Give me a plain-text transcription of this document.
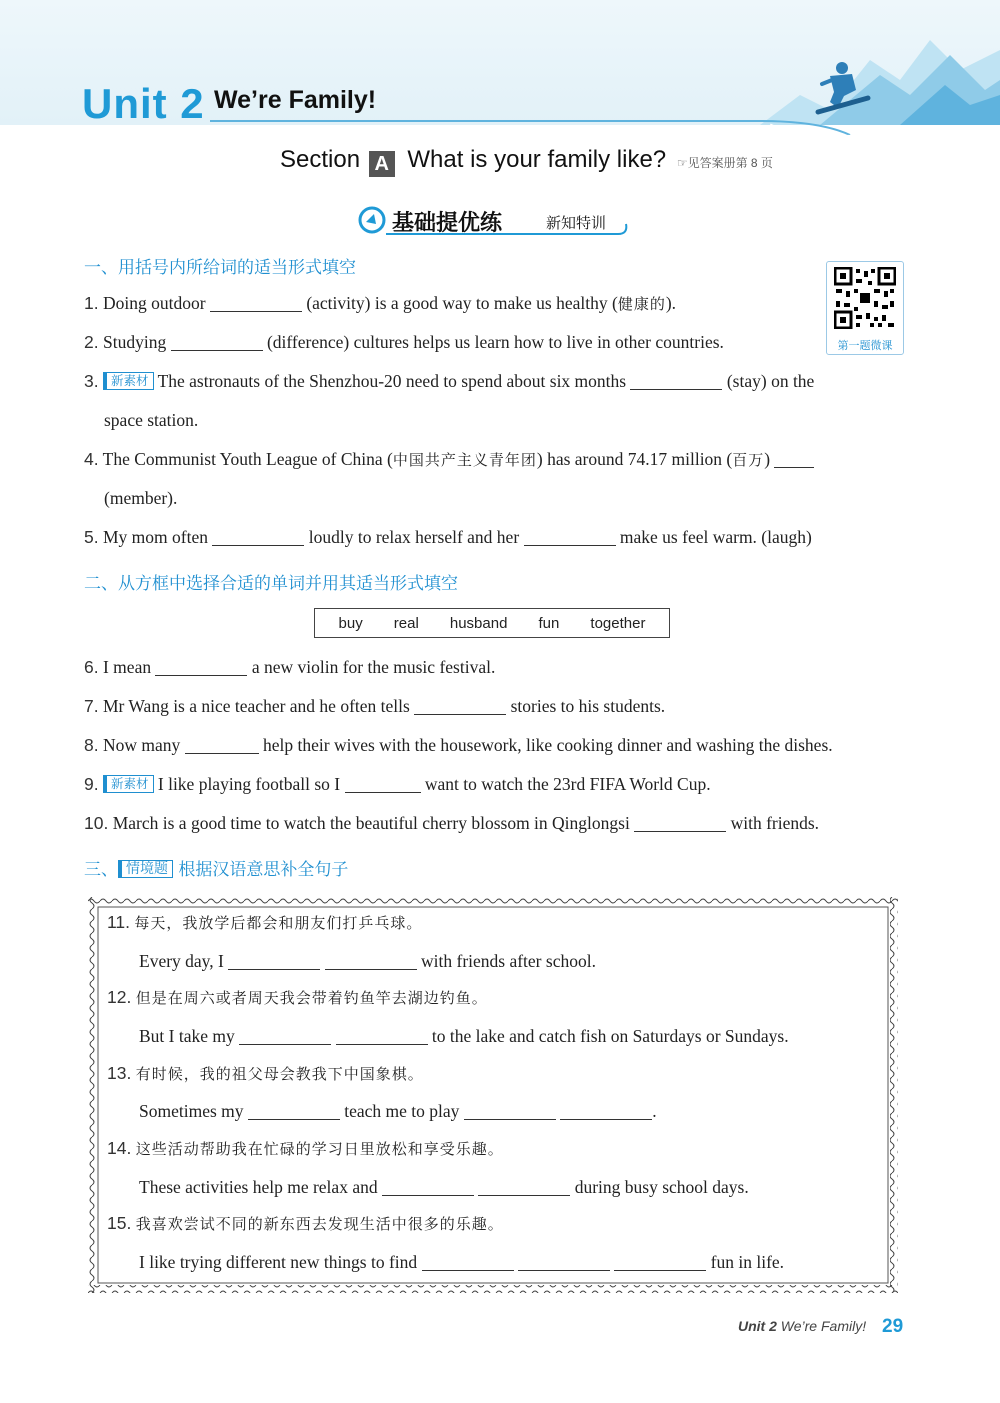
Unit 2 We’re Family!
Section A What is your family like? ☞见答案册第 8 页
基础提优练	新知特训
第一题微课
一、用括号内所给词的适当形式填空
1. Doing outdoor	(activity) is a good way to make us healthy (健康的).
2. Studying	(difference) cultures helps us learn how to live in other countries.
3. 新素材 The astronauts of the Shenzhou-20 need to spend about six months	(stay) on the
space station.
4. The Communist Youth League of China (中国共产主义青年团) has around 74.17 million (百万)
(member).
5. My mom often	loudly to relax herself and her	make us feel warm. (laugh)
二、从方框中选择合适的单词并用其适当形式填空
buy real husband fun together
6. I mean	a new violin for the music festival.
7. Mr Wang is a nice teacher and he often tells	stories to his students.
8. Now many	help their wives with the housework, like cooking dinner and washing the dishes.
9. 新素材 I like playing football so I	want to watch the 23rd FIFA World Cup.
10. March is a good time to watch the beautiful cherry blossom in Qinglongsi	with friends.
三、 情境题 根据汉语意思补全句子
11. 每天，我放学后都会和朋友们打乒乓球。
Every day, I	with friends after school.
12. 但是在周六或者周天我会带着钓鱼竿去湖边钓鱼。
But I take my	to the lake and catch fish on Saturdays or Sundays.
13. 有时候，我的祖父母会教我下中国象棋。
Sometimes my	teach me to play	.
14. 这些活动帮助我在忙碌的学习日里放松和享受乐趣。
These activities help me relax and	during busy school days.
15. 我喜欢尝试不同的新东西去发现生活中很多的乐趣。
I like trying different new things to find	fun in life.
Unit 2 We’re Family! 29
